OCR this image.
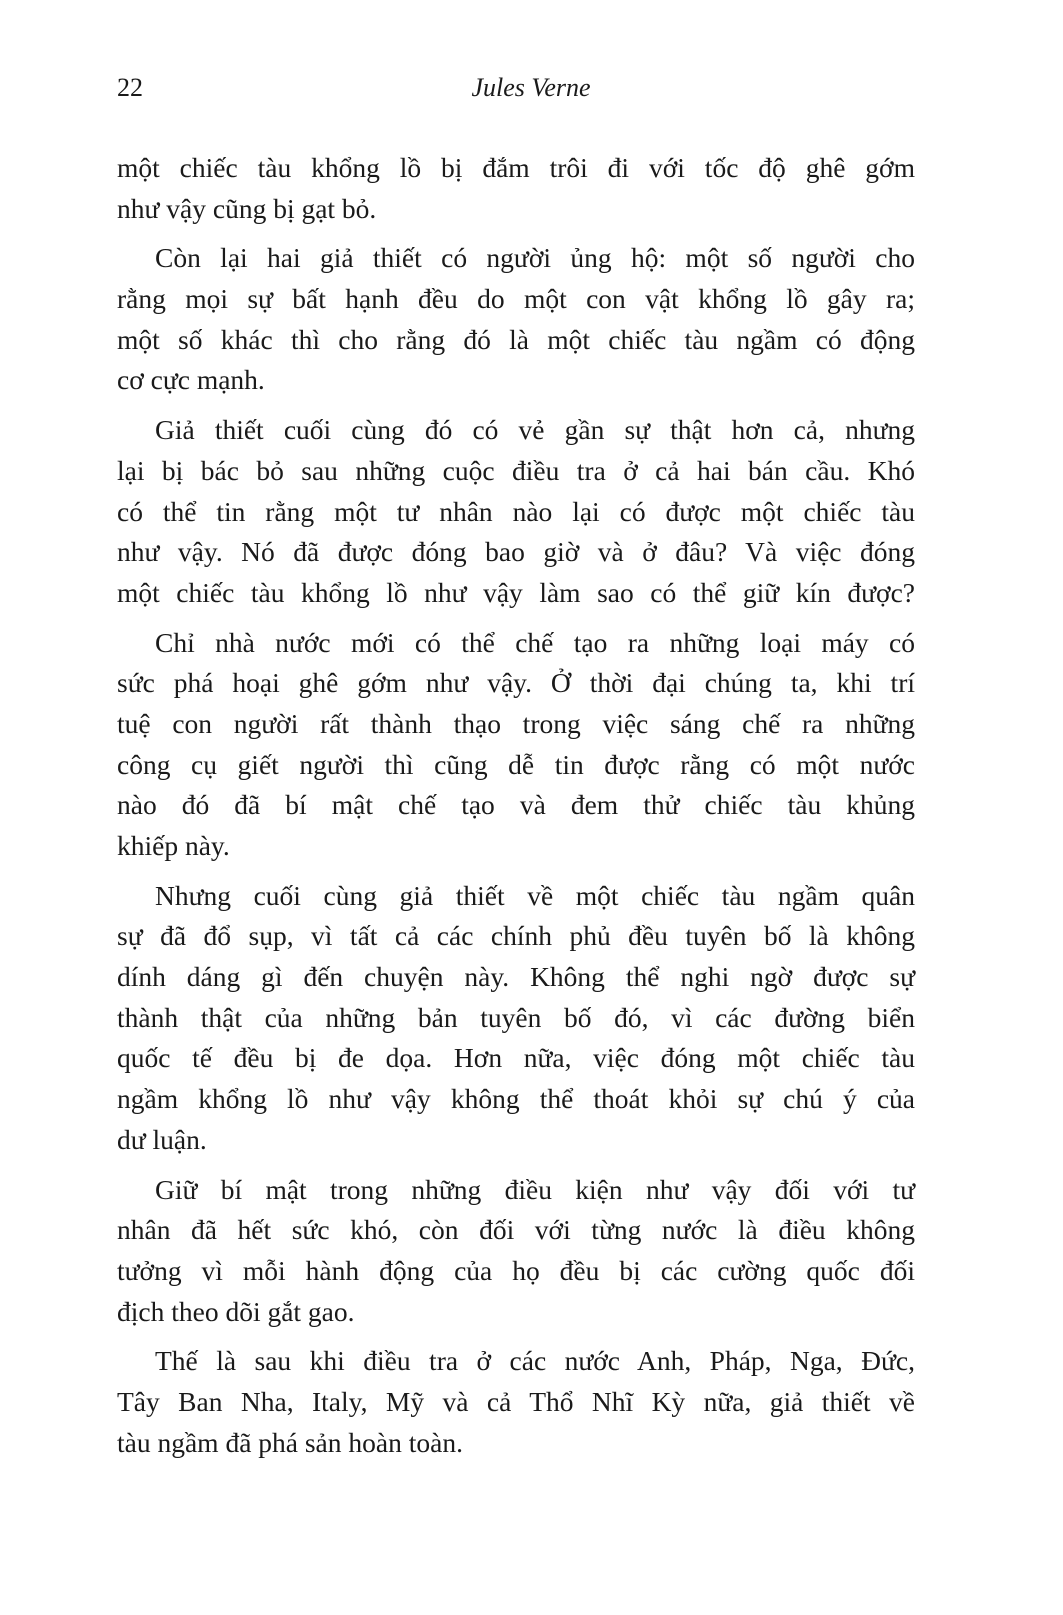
22	Jules Verne

một chiếc tàu khổng lồ bị đắm trôi đi với tốc độ ghê gớm
như vậy cũng bị gạt bỏ.

Còn lại hai giả thiết có người ủng hộ: một số người cho
rằng mọi sự bất hạnh đều do một con vật khổng lồ gây ra;
một số khác thì cho rằng đó là một chiếc tàu ngầm có động
cơ cực mạnh.

Giả thiết cuối cùng đó có vẻ gần sự thật hơn cả, nhưng
lại bị bác bỏ sau những cuộc điều tra ở cả hai bán cầu. Khó
có thể tin rằng một tư nhân nào lại có được một chiếc tàu
như vậy. Nó đã được đóng bao giờ và ở đâu? Và việc đóng
một chiếc tàu khổng lồ như vậy làm sao có thể giữ kín được?

Chỉ nhà nước mới có thể chế tạo ra những loại máy có
sức phá hoại ghê gớm như vậy. Ở thời đại chúng ta, khi trí
tuệ con người rất thành thạo trong việc sáng chế ra những
công cụ giết người thì cũng dễ tin được rằng có một nước
nào đó đã bí mật chế tạo và đem thử chiếc tàu khủng
khiếp này.

Nhưng cuối cùng giả thiết về một chiếc tàu ngầm quân
sự đã đổ sụp, vì tất cả các chính phủ đều tuyên bố là không
dính dáng gì đến chuyện này. Không thể nghi ngờ được sự
thành thật của những bản tuyên bố đó, vì các đường biển
quốc tế đều bị đe dọa. Hơn nữa, việc đóng một chiếc tàu
ngầm khổng lồ như vậy không thể thoát khỏi sự chú ý của
dư luận.

Giữ bí mật trong những điều kiện như vậy đối với tư
nhân đã hết sức khó, còn đối với từng nước là điều không
tưởng vì mỗi hành động của họ đều bị các cường quốc đối
địch theo dõi gắt gao.

Thế là sau khi điều tra ở các nước Anh, Pháp, Nga, Đức,
Tây Ban Nha, Italy, Mỹ và cả Thổ Nhĩ Kỳ nữa, giả thiết về
tàu ngầm đã phá sản hoàn toàn.
